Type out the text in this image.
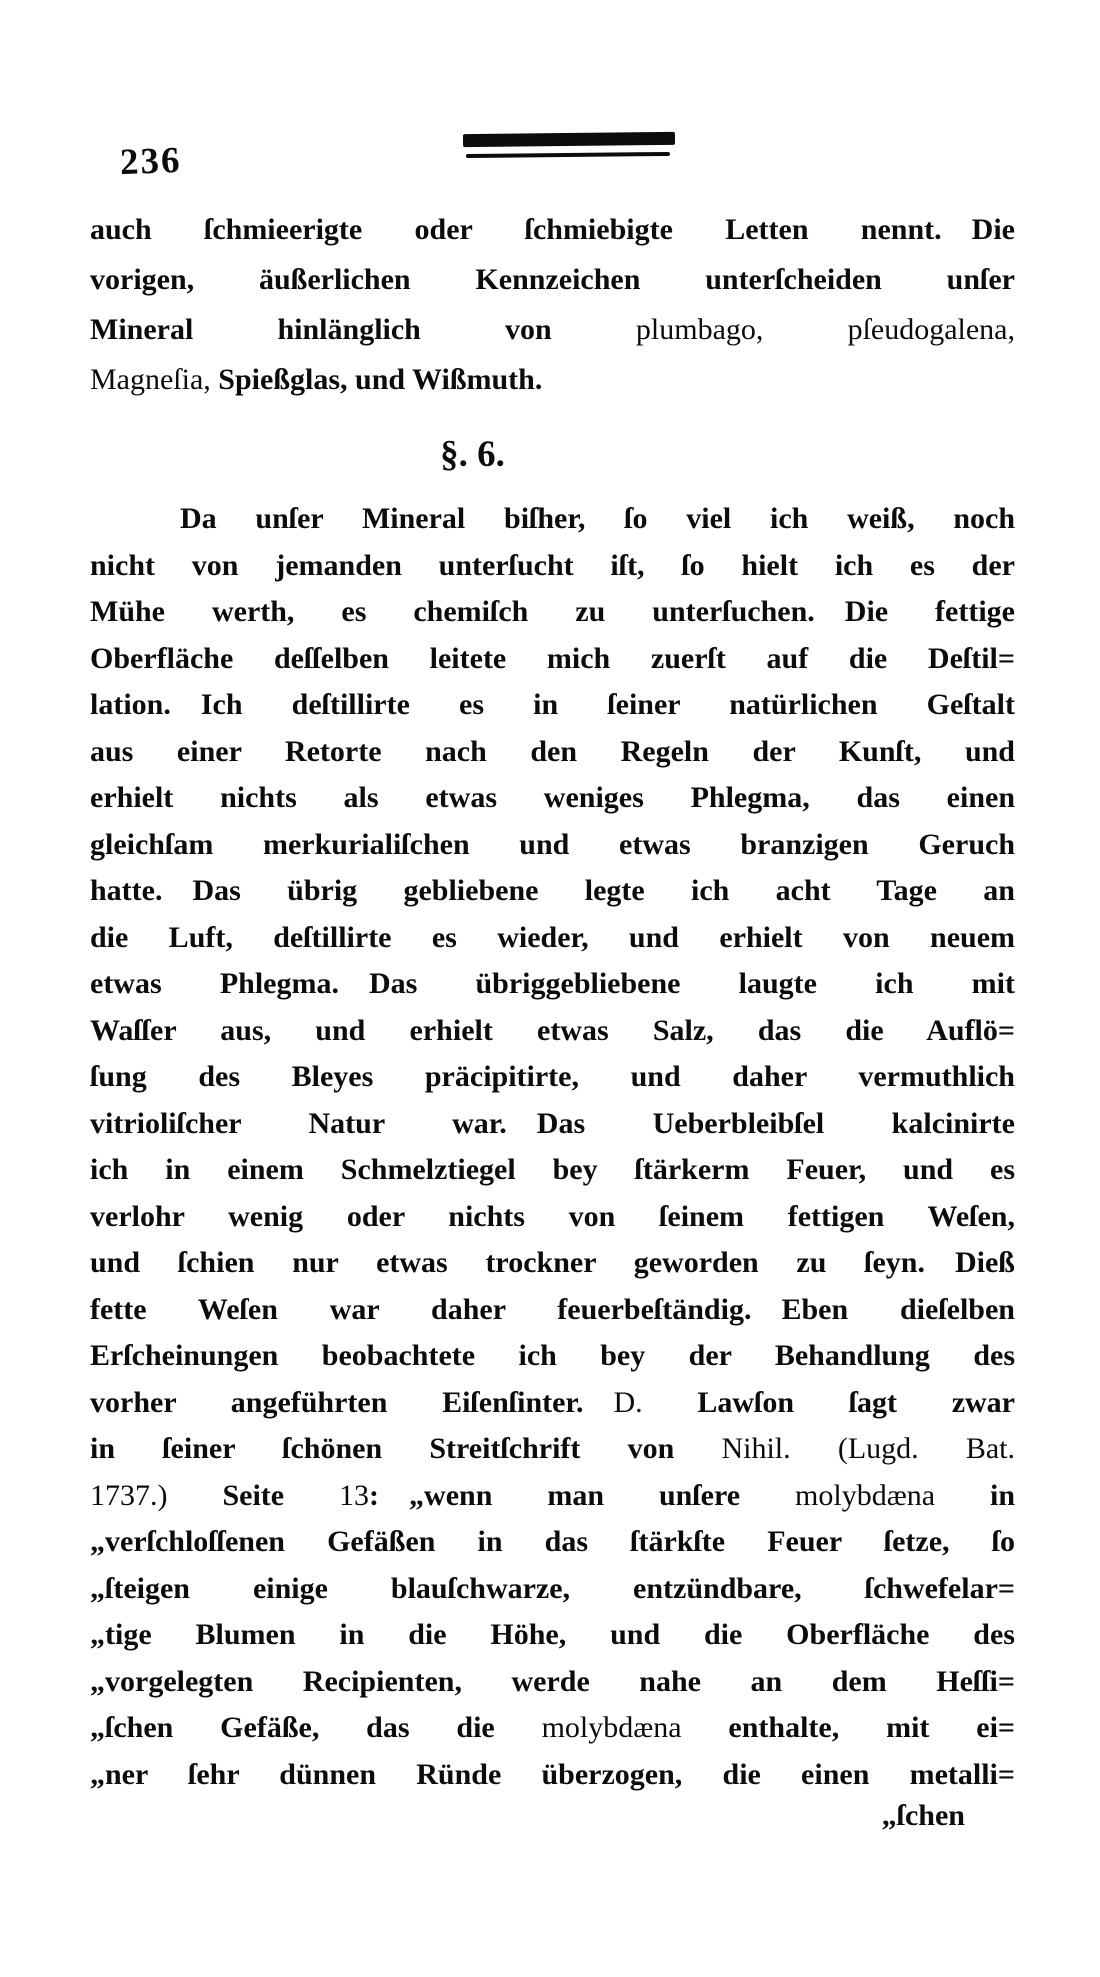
236
auch ſchmieerigte oder ſchmiebigte Letten nennt. Die
vorigen, äußerlichen Kennzeichen unterſcheiden unſer
Mineral hinlänglich von plumbago, pſeudogalena,
Magneſia, Spießglas, und Wißmuth.
§. 6.
Da unſer Mineral biſher, ſo viel ich weiß, noch
nicht von jemanden unterſucht iſt, ſo hielt ich es der
Mühe werth, es chemiſch zu unterſuchen. Die fettige
Oberfläche deſſelben leitete mich zuerſt auf die Deſtil=
lation. Ich deſtillirte es in ſeiner natürlichen Geſtalt
aus einer Retorte nach den Regeln der Kunſt, und
erhielt nichts als etwas weniges Phlegma, das einen
gleichſam merkurialiſchen und etwas branzigen Geruch
hatte. Das übrig gebliebene legte ich acht Tage an
die Luft, deſtillirte es wieder, und erhielt von neuem
etwas Phlegma. Das übriggebliebene laugte ich mit
Waſſer aus, und erhielt etwas Salz, das die Auflö=
ſung des Bleyes präcipitirte, und daher vermuthlich
vitrioliſcher Natur war. Das Ueberbleibſel kalcinirte
ich in einem Schmelztiegel bey ſtärkerm Feuer, und es
verlohr wenig oder nichts von ſeinem fettigen Weſen,
und ſchien nur etwas trockner geworden zu ſeyn. Dieß
fette Weſen war daher feuerbeſtändig. Eben dieſelben
Erſcheinungen beobachtete ich bey der Behandlung des
vorher angeführten Eiſenſinter. D. Lawſon ſagt zwar
in ſeiner ſchönen Streitſchrift von Nihil. (Lugd. Bat.
1737.) Seite 13: „wenn man unſere molybdæna in
„verſchloſſenen Gefäßen in das ſtärkſte Feuer ſetze, ſo
„ſteigen einige blauſchwarze, entzündbare, ſchwefelar=
„tige Blumen in die Höhe, und die Oberfläche des
„vorgelegten Recipienten, werde nahe an dem Heſſi=
„ſchen Gefäße, das die molybdæna enthalte, mit ei=
„ner ſehr dünnen Ründe überzogen, die einen metalli=
„ſchen
